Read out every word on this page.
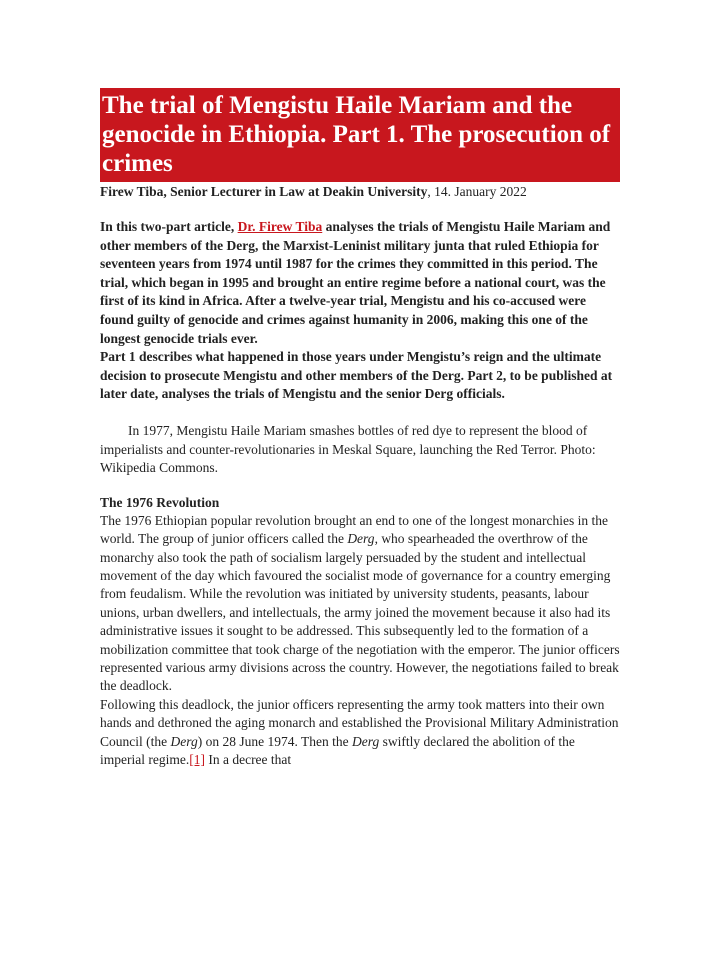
The trial of Mengistu Haile Mariam and the genocide in Ethiopia. Part 1. The prosecution of crimes
Firew Tiba, Senior Lecturer in Law at Deakin University, 14. January 2022

In this two-part article, Dr. Firew Tiba analyses the trials of Mengistu Haile Mariam and other members of the Derg, the Marxist-Leninist military junta that ruled Ethiopia for seventeen years from 1974 until 1987 for the crimes they committed in this period. The trial, which began in 1995 and brought an entire regime before a national court, was the first of its kind in Africa. After a twelve-year trial, Mengistu and his co-accused were found guilty of genocide and crimes against humanity in 2006, making this one of the longest genocide trials ever.

Part 1 describes what happened in those years under Mengistu’s reign and the ultimate decision to prosecute Mengistu and other members of the Derg. Part 2, to be published at later date, analyses the trials of Mengistu and the senior Derg officials.

In 1977, Mengistu Haile Mariam smashes bottles of red dye to represent the blood of imperialists and counter-revolutionaries in Meskal Square, launching the Red Terror. Photo: Wikipedia Commons.
The 1976 Revolution

The 1976 Ethiopian popular revolution brought an end to one of the longest monarchies in the world. The group of junior officers called the Derg, who spearheaded the overthrow of the monarchy also took the path of socialism largely persuaded by the student and intellectual movement of the day which favoured the socialist mode of governance for a country emerging from feudalism. While the revolution was initiated by university students, peasants, labour unions, urban dwellers, and intellectuals, the army joined the movement because it also had its administrative issues it sought to be addressed. This subsequently led to the formation of a mobilization committee that took charge of the negotiation with the emperor. The junior officers represented various army divisions across the country. However, the negotiations failed to break the deadlock.

Following this deadlock, the junior officers representing the army took matters into their own hands and dethroned the aging monarch and established the Provisional Military Administration Council (the Derg) on 28 June 1974. Then the Derg swiftly declared the abolition of the imperial regime.[1] In a decree that
